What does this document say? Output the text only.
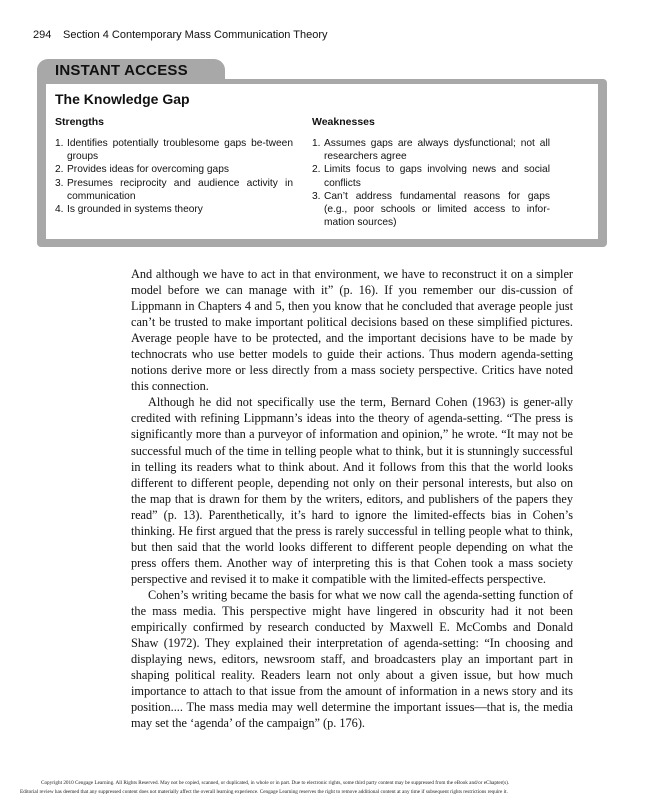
294 Section 4 Contemporary Mass Communication Theory
INSTANT ACCESS
The Knowledge Gap
Strengths
1. Identifies potentially troublesome gaps be-tween groups
2. Provides ideas for overcoming gaps
3. Presumes reciprocity and audience activity in communication
4. Is grounded in systems theory
Weaknesses
1. Assumes gaps are always dysfunctional; not all researchers agree
2. Limits focus to gaps involving news and social conflicts
3. Can’t address fundamental reasons for gaps (e.g., poor schools or limited access to infor-mation sources)

And although we have to act in that environment, we have to reconstruct it on a simpler model before we can manage with it” (p. 16). If you remember our dis-cussion of Lippmann in Chapters 4 and 5, then you know that he concluded that average people just can’t be trusted to make important political decisions based on these simplified pictures. Average people have to be protected, and the important decisions have to be made by technocrats who use better models to guide their actions. Thus modern agenda-setting notions derive more or less directly from a mass society perspective. Critics have noted this connection.

Although he did not specifically use the term, Bernard Cohen (1963) is gener-ally credited with refining Lippmann’s ideas into the theory of agenda-setting. “The press is significantly more than a purveyor of information and opinion,” he wrote. “It may not be successful much of the time in telling people what to think, but it is stunningly successful in telling its readers what to think about. And it follows from this that the world looks different to different people, depending not only on their personal interests, but also on the map that is drawn for them by the writers, editors, and publishers of the papers they read” (p. 13). Parenthetically, it’s hard to ignore the limited-effects bias in Cohen’s thinking. He first argued that the press is rarely successful in telling people what to think, but then said that the world looks different to different people depending on what the press offers them. Another way of interpreting this is that Cohen took a mass society perspective and revised it to make it compatible with the limited-effects perspective.

Cohen’s writing became the basis for what we now call the agenda-setting function of the mass media. This perspective might have lingered in obscurity had it not been empirically confirmed by research conducted by Maxwell E. McCombs and Donald Shaw (1972). They explained their interpretation of agenda-setting: “In choosing and displaying news, editors, newsroom staff, and broadcasters play an important part in shaping political reality. Readers learn not only about a given issue, but how much importance to attach to that issue from the amount of information in a news story and its position.... The mass media may well determine the important issues—that is, the media may set the ‘agenda’ of the campaign” (p. 176).

Copyright 2010 Cengage Learning. All Rights Reserved. May not be copied, scanned, or duplicated, in whole or in part. Due to electronic rights, some third party content may be suppressed from the eBook and/or eChapter(s).
Editorial review has deemed that any suppressed content does not materially affect the overall learning experience. Cengage Learning reserves the right to remove additional content at any time if subsequent rights restrictions require it.
